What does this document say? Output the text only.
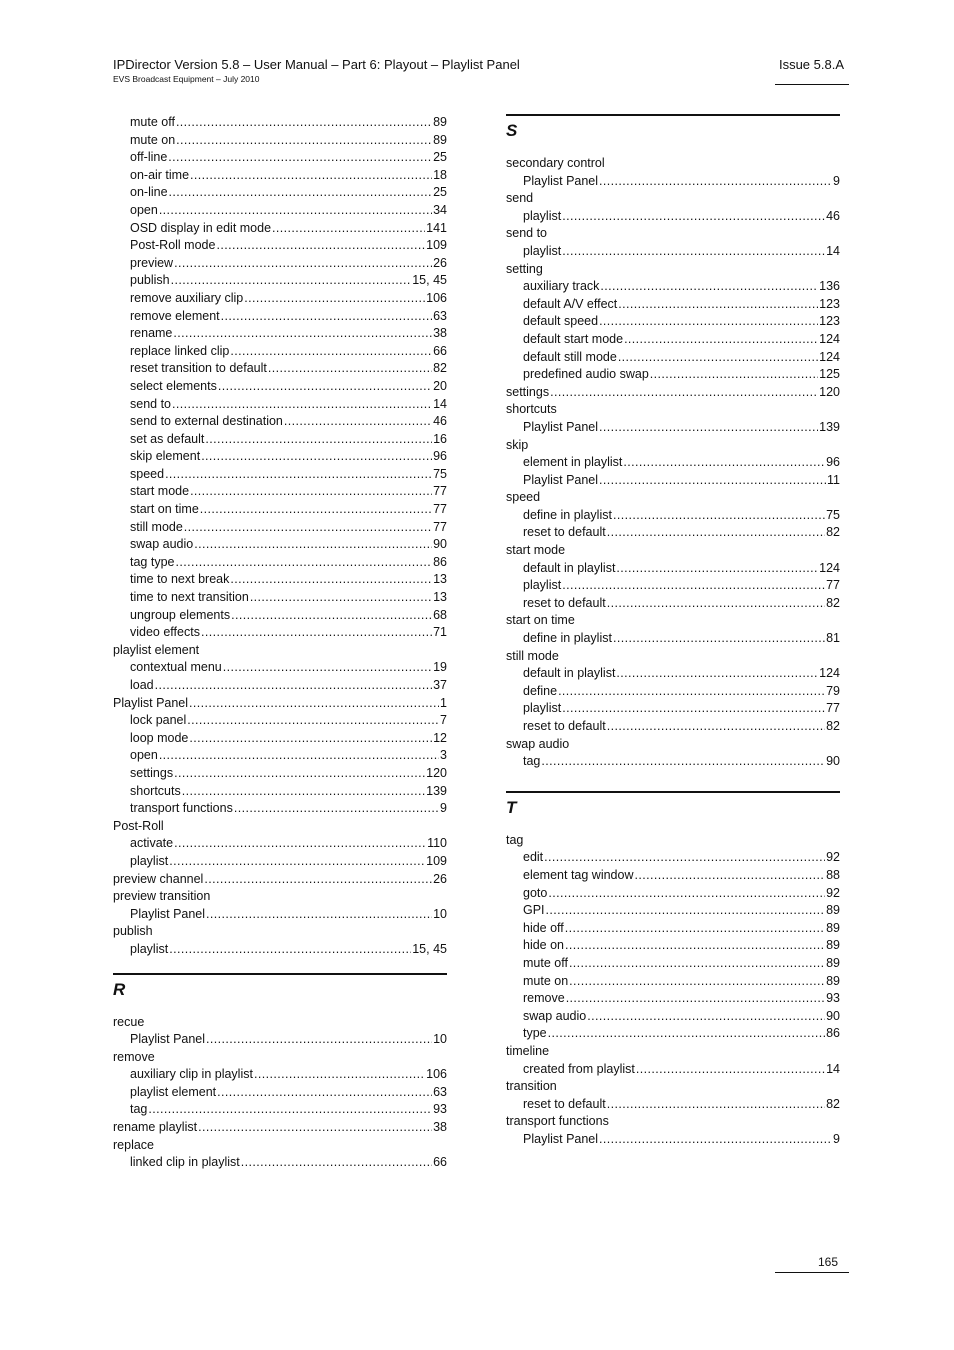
IPDirector Version 5.8 – User Manual – Part 6: Playout – Playlist Panel
EVS Broadcast Equipment – July 2010
Issue 5.8.A
mute off .....	89
mute on .....	89
off-line .....	25
on-air time .....	18
on-line .....	25
open .....	34
OSD display in edit mode .....	141
Post-Roll mode .....	109
preview .....	26
publish .....	15, 45
remove auxiliary clip .....	106
remove element .....	63
rename .....	38
replace linked clip .....	66
reset transition to default .....	82
select elements .....	20
send to .....	14
send to external destination .....	46
set as default .....	16
skip element .....	96
speed .....	75
start mode .....	77
start on time .....	77
still mode .....	77
swap audio .....	90
tag type .....	86
time to next break .....	13
time to next transition .....	13
ungroup elements .....	68
video effects .....	71
playlist element
contextual menu .....	19
load .....	37
Playlist Panel .....	1
lock panel .....	7
loop mode .....	12
open .....	3
settings .....	120
shortcuts .....	139
transport functions .....	9
Post-Roll
activate .....	110
playlist .....	109
preview channel .....	26
preview transition
Playlist Panel .....	10
publish
playlist .....	15, 45
R
recue
Playlist Panel .....	10
remove
auxiliary clip in playlist .....	106
playlist element .....	63
tag .....	93
rename playlist .....	38
replace
linked clip in playlist .....	66
S
secondary control
Playlist Panel .....	9
send
playlist .....	46
send to
playlist .....	14
setting
auxiliary track .....	136
default A/V effect .....	123
default speed .....	123
default start mode .....	124
default still mode .....	124
predefined audio swap .....	125
settings .....	120
shortcuts
Playlist Panel .....	139
skip
element in playlist .....	96
Playlist Panel .....	11
speed
define in playlist .....	75
reset to default .....	82
start mode
default in playlist .....	124
playlist .....	77
reset to default .....	82
start on time
define in playlist .....	81
still mode
default in playlist .....	124
define .....	79
playlist .....	77
reset to default .....	82
swap audio
tag .....	90
T
tag
edit .....	92
element tag window .....	88
goto .....	92
GPI .....	89
hide off .....	89
hide on .....	89
mute off .....	89
mute on .....	89
remove .....	93
swap audio .....	90
type .....	86
timeline
created from playlist .....	14
transition
reset to default .....	82
transport functions
Playlist Panel .....	9
165
